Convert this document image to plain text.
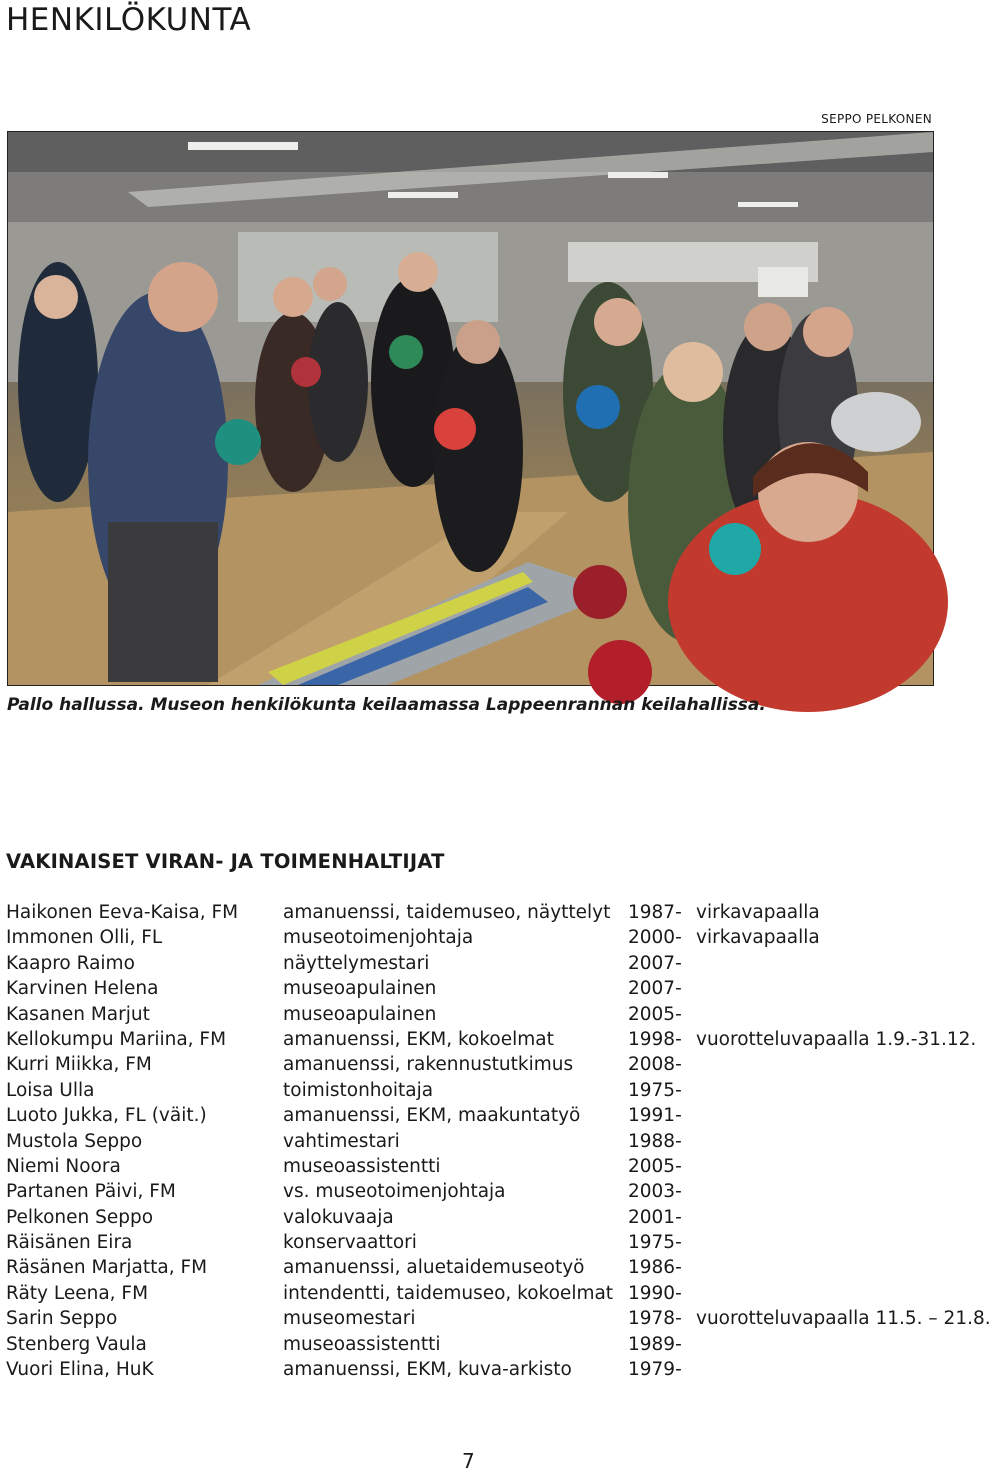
HENKILÖKUNTA
SEPPO PELKONEN
Pallo hallussa. Museon henkilökunta keilaamassa Lappeenrannan keilahallissa.
VAKINAISET VIRAN- JA TOIMENHALTIJAT
Haikonen Eeva-Kaisa, FM amanuenssi, taidemuseo, näyttelyt 1987- virkavapaalla
Immonen Olli, FL	museotoimenjohtaja	2000- virkavapaalla
Kaapro Raimo	näyttelymestari	2007-
Karvinen Helena	museoapulainen	2007-
Kasanen Marjut	museoapulainen	2005-
Kellokumpu Mariina, FM	amanuenssi, EKM, kokoelmat	1998- vuorotteluvapaalla 1.9.-31.12.
Kurri Miikka, FM	amanuenssi, rakennustutkimus	2008-
Loisa Ulla	toimistonhoitaja	1975-
Luoto Jukka, FL (väit.)	amanuenssi, EKM, maakuntatyö	1991-
Mustola Seppo	vahtimestari	1988-
Niemi Noora	museoassistentti	2005-
Partanen Päivi, FM	vs. museotoimenjohtaja	2003-
Pelkonen Seppo	valokuvaaja	2001-
Räisänen Eira	konservaattori	1975-
Räsänen Marjatta, FM	amanuenssi, aluetaidemuseotyö 1986-
Räty Leena, FM	intendentti, taidemuseo, kokoelmat 1990-
Sarin Seppo	museomestari	1978- vuorotteluvapaalla 11.5. – 21.8.
Stenberg Vaula	museoassistentti	1989-
Vuori Elina, HuK	amanuenssi, EKM, kuva-arkisto	1979-
7
